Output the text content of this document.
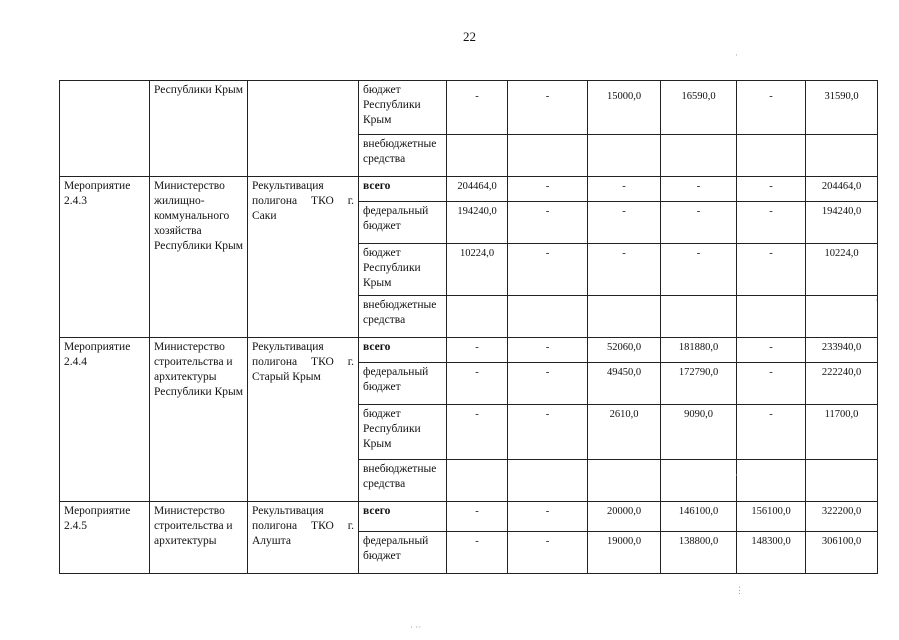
22
	Республики Крым		бюджет Республики Крым	-	-	15000,0	16590,0	-	31590,0
			внебюджетные средства						
Мероприятие 2.4.3	Министерство жилищно-коммунального хозяйства Республики Крым	Рекультивация полигона ТКО г. Саки	всего	204464,0	-	-	-	-	204464,0
			федеральный бюджет	194240,0	-	-	-	-	194240,0
			бюджет Республики Крым	10224,0	-	-	-	-	10224,0
			внебюджетные средства						
Мероприятие 2.4.4	Министерство строительства и архитектуры Республики Крым	Рекультивация полигона ТКО г. Старый Крым	всего	-	-	52060,0	181880,0	-	233940,0
			федеральный бюджет	-	-	49450,0	172790,0	-	222240,0
			бюджет Республики Крым	-	-	2610,0	9090,0	-	11700,0
			внебюджетные средства						
Мероприятие 2.4.5	Министерство строительства и архитектуры	Рекультивация полигона ТКО г. Алушта	всего	-	-	20000,0	146100,0	156100,0	322200,0
			федеральный бюджет	-	-	19000,0	138800,0	148300,0	306100,0
·
·
⋮
· ··
·
